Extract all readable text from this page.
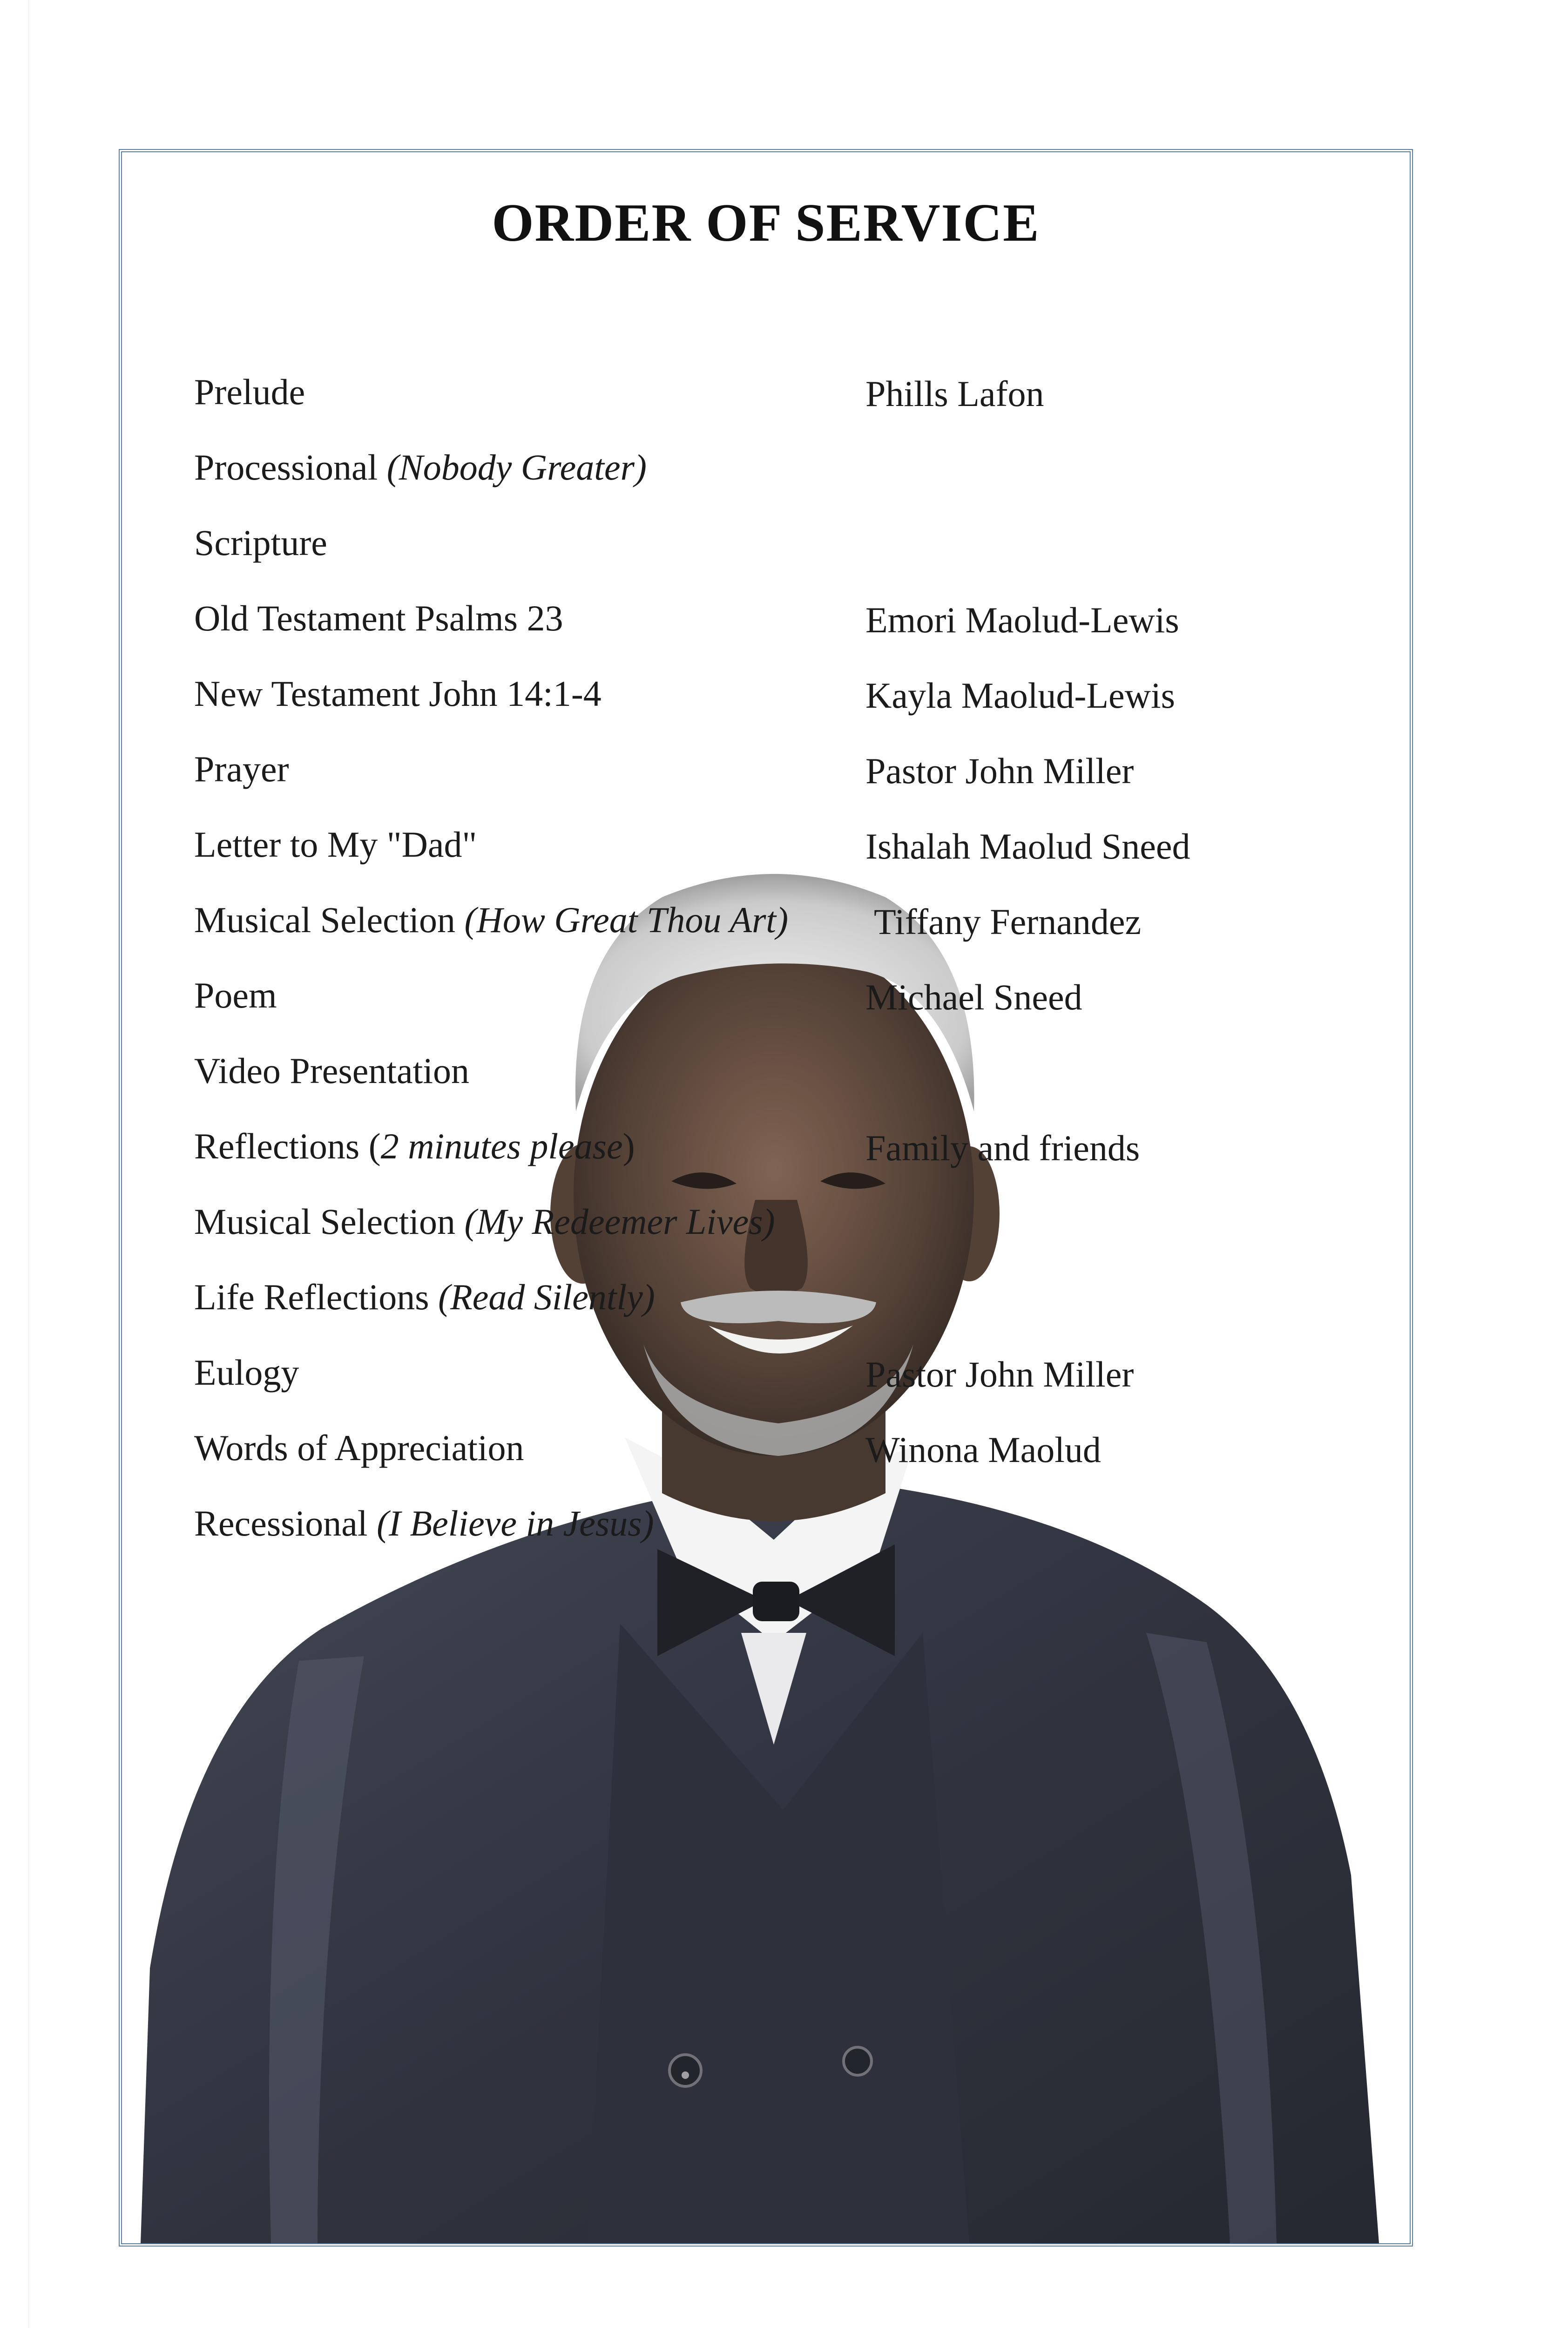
ORDER OF SERVICE
Prelude	Phills Lafon
Processional (Nobody Greater)
Scripture
Old Testament Psalms 23	Emori Maolud-Lewis
New Testament John 14:1-4	Kayla Maolud-Lewis
Prayer	Pastor John Miller
Letter to My "Dad"	Ishalah Maolud Sneed
Musical Selection (How Great Thou Art) Tiffany Fernandez
Poem	Michael Sneed
Video Presentation
Reflections (2 minutes please)	Family and friends
Musical Selection (My Redeemer Lives)
Life Reflections (Read Silently)
Eulogy	Pastor John Miller
Words of Appreciation	Winona Maolud
Recessional (I Believe in Jesus)
